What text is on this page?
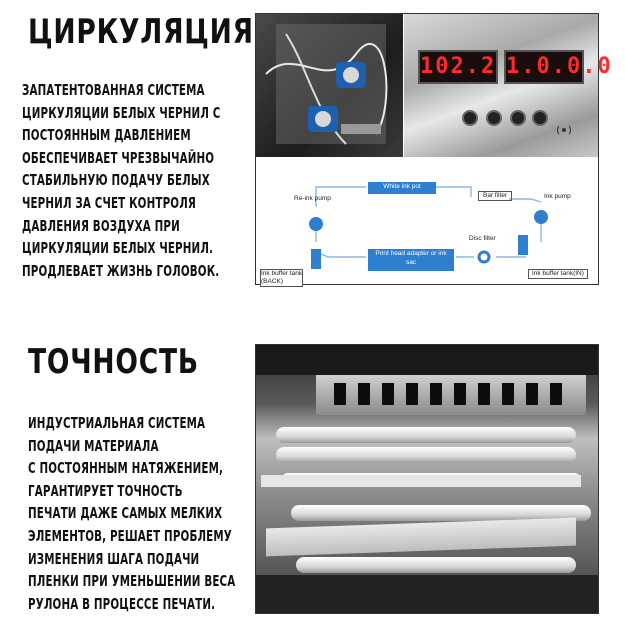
ЦИРКУЛЯЦИЯ
ЗАПАТЕНТОВАННАЯ СИСТЕМА
ЦИРКУЛЯЦИИ БЕЛЫХ ЧЕРНИЛ С
ПОСТОЯННЫМ ДАВЛЕНИЕМ
ОБЕСПЕЧИВАЕТ ЧРЕЗВЫЧАЙНО
СТАБИЛЬНУЮ ПОДАЧУ БЕЛЫХ
ЧЕРНИЛ ЗА СЧЕТ КОНТРОЛЯ
ДАВЛЕНИЯ ВОЗДУХА ПРИ
ЦИРКУЛЯЦИИ БЕЛЫХ ЧЕРНИЛ.
ПРОДЛЕВАЕТ ЖИЗНЬ ГОЛОВОК.
102.2 1.0.0.0
Re-ink pump
White ink pot
Bar filter	Ink pump
Disc filter
Ink buffer tank
(BACK)
Print head adapter or ink
sac
Ink buffer tank(IN)
ТОЧНОСТЬ
ИНДУСТРИАЛЬНАЯ СИСТЕМА
ПОДАЧИ МАТЕРИАЛА
С ПОСТОЯННЫМ НАТЯЖЕНИЕМ,
ГАРАНТИРУЕТ ТОЧНОСТЬ
ПЕЧАТИ ДАЖЕ САМЫХ МЕЛКИХ
ЭЛЕМЕНТОВ, РЕШАЕТ ПРОБЛЕМУ
ИЗМЕНЕНИЯ ШАГА ПОДАЧИ
ПЛЕНКИ ПРИ УМЕНЬШЕНИИ ВЕСА
РУЛОНА В ПРОЦЕССЕ ПЕЧАТИ.
